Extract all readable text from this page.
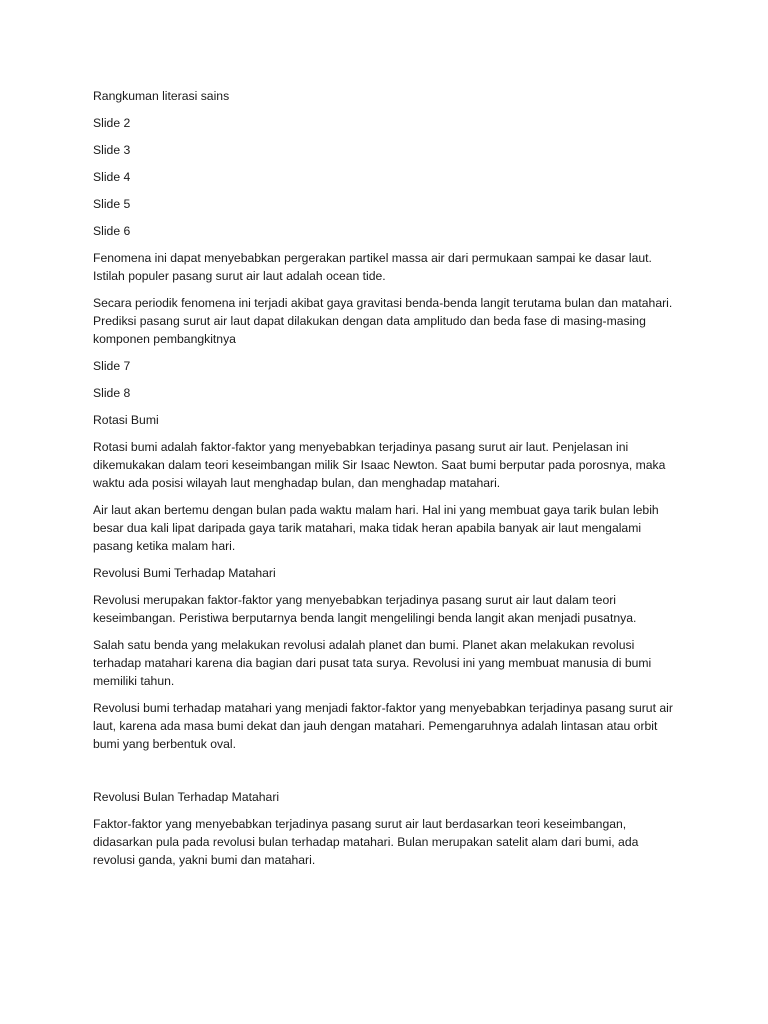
Rangkuman literasi sains

Slide 2

Slide 3

Slide 4

Slide 5

Slide 6

Fenomena ini dapat menyebabkan pergerakan partikel massa air dari permukaan sampai ke dasar laut. Istilah populer pasang surut air laut adalah ocean tide.

Secara periodik fenomena ini terjadi akibat gaya gravitasi benda-benda langit terutama bulan dan matahari. Prediksi pasang surut air laut dapat dilakukan dengan data amplitudo dan beda fase di masing-masing komponen pembangkitnya

Slide 7

Slide 8

Rotasi Bumi

Rotasi bumi adalah faktor-faktor yang menyebabkan terjadinya pasang surut air laut. Penjelasan ini dikemukakan dalam teori keseimbangan milik Sir Isaac Newton. Saat bumi berputar pada porosnya, maka waktu ada posisi wilayah laut menghadap bulan, dan menghadap matahari.

Air laut akan bertemu dengan bulan pada waktu malam hari. Hal ini yang membuat gaya tarik bulan lebih besar dua kali lipat daripada gaya tarik matahari, maka tidak heran apabila banyak air laut mengalami pasang ketika malam hari.

Revolusi Bumi Terhadap Matahari

Revolusi merupakan faktor-faktor yang menyebabkan terjadinya pasang surut air laut dalam teori keseimbangan. Peristiwa berputarnya benda langit mengelilingi benda langit akan menjadi pusatnya.

Salah satu benda yang melakukan revolusi adalah planet dan bumi. Planet akan melakukan revolusi terhadap matahari karena dia bagian dari pusat tata surya. Revolusi ini yang membuat manusia di bumi memiliki tahun.

Revolusi bumi terhadap matahari yang menjadi faktor-faktor yang menyebabkan terjadinya pasang surut air laut, karena ada masa bumi dekat dan jauh dengan matahari. Pemengaruhnya adalah lintasan atau orbit bumi yang berbentuk oval.

Revolusi Bulan Terhadap Matahari

Faktor-faktor yang menyebabkan terjadinya pasang surut air laut berdasarkan teori keseimbangan, didasarkan pula pada revolusi bulan terhadap matahari. Bulan merupakan satelit alam dari bumi, ada revolusi ganda, yakni bumi dan matahari.
